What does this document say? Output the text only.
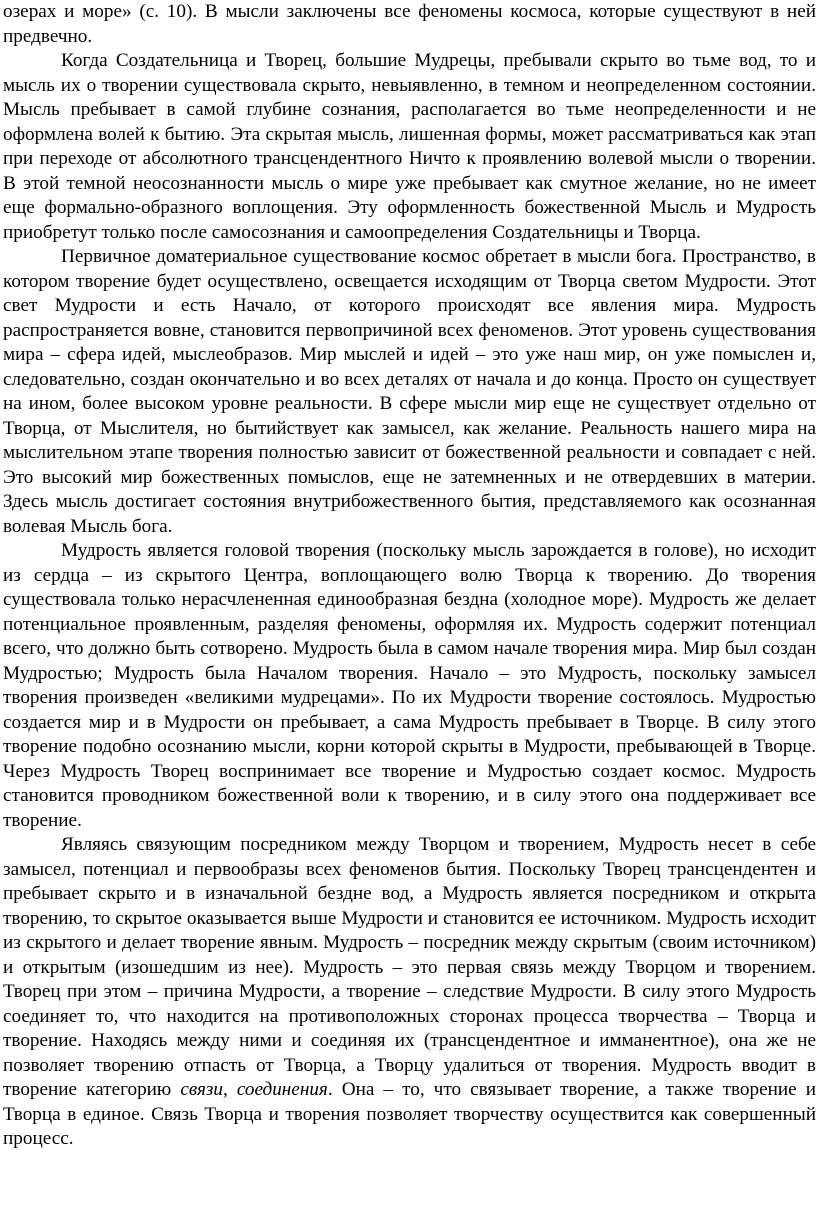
озерах и море» (с. 10). В мысли заключены все феномены космоса, которые существуют в ней предвечно.

Когда Создательница и Творец, большие Мудрецы, пребывали скрыто во тьме вод, то и мысль их о творении существовала скрыто, невыявленно, в темном и неопределенном состоянии. Мысль пребывает в самой глубине сознания, располагается во тьме неопределенности и не оформлена волей к бытию. Эта скрытая мысль, лишенная формы, может рассматриваться как этап при переходе от абсолютного трансцендентного Ничто к проявлению волевой мысли о творении. В этой темной неосознанности мысль о мире уже пребывает как смутное желание, но не имеет еще формально-образного воплощения. Эту оформленность божественной Мысль и Мудрость приобретут только после самосознания и самоопределения Создательницы и Творца.

Первичное доматериальное существование космос обретает в мысли бога. Пространство, в котором творение будет осуществлено, освещается исходящим от Творца светом Мудрости. Этот свет Мудрости и есть Начало, от которого происходят все явления мира. Мудрость распространяется вовне, становится первопричиной всех феноменов. Этот уровень существования мира – сфера идей, мыслеобразов. Мир мыслей и идей – это уже наш мир, он уже помыслен и, следовательно, создан окончательно и во всех деталях от начала и до конца. Просто он существует на ином, более высоком уровне реальности. В сфере мысли мир еще не существует отдельно от Творца, от Мыслителя, но бытийствует как замысел, как желание. Реальность нашего мира на мыслительном этапе творения полностью зависит от божественной реальности и совпадает с ней. Это высокий мир божественных помыслов, еще не затемненных и не отвердевших в материи. Здесь мысль достигает состояния внутрибожественного бытия, представляемого как осознанная волевая Мысль бога.

Мудрость является головой творения (поскольку мысль зарождается в голове), но исходит из сердца – из скрытого Центра, воплощающего волю Творца к творению. До творения существовала только нерасчлененная единообразная бездна (холодное море). Мудрость же делает потенциальное проявленным, разделяя феномены, оформляя их. Мудрость содержит потенциал всего, что должно быть сотворено. Мудрость была в самом начале творения мира. Мир был создан Мудростью; Мудрость была Началом творения. Начало – это Мудрость, поскольку замысел творения произведен «великими мудрецами». По их Мудрости творение состоялось. Мудростью создается мир и в Мудрости он пребывает, а сама Мудрость пребывает в Творце. В силу этого творение подобно осознанию мысли, корни которой скрыты в Мудрости, пребывающей в Творце. Через Мудрость Творец воспринимает все творение и Мудростью создает космос. Мудрость становится проводником божественной воли к творению, и в силу этого она поддерживает все творение.

Являясь связующим посредником между Творцом и творением, Мудрость несет в себе замысел, потенциал и первообразы всех феноменов бытия. Поскольку Творец трансцендентен и пребывает скрыто и в изначальной бездне вод, а Мудрость является посредником и открыта творению, то скрытое оказывается выше Мудрости и становится ее источником. Мудрость исходит из скрытого и делает творение явным. Мудрость – посредник между скрытым (своим источником) и открытым (изошедшим из нее). Мудрость – это первая связь между Творцом и творением. Творец при этом – причина Мудрости, а творение – следствие Мудрости. В силу этого Мудрость соединяет то, что находится на противоположных сторонах процесса творчества – Творца и творение. Находясь между ними и соединяя их (трансцендентное и имманентное), она же не позволяет творению отпасть от Творца, а Творцу удалиться от творения. Мудрость вводит в творение категорию связи, соединения. Она – то, что связывает творение, а также творение и Творца в единое. Связь Творца и творения позволяет творчеству осуществится как совершенный процесс.
